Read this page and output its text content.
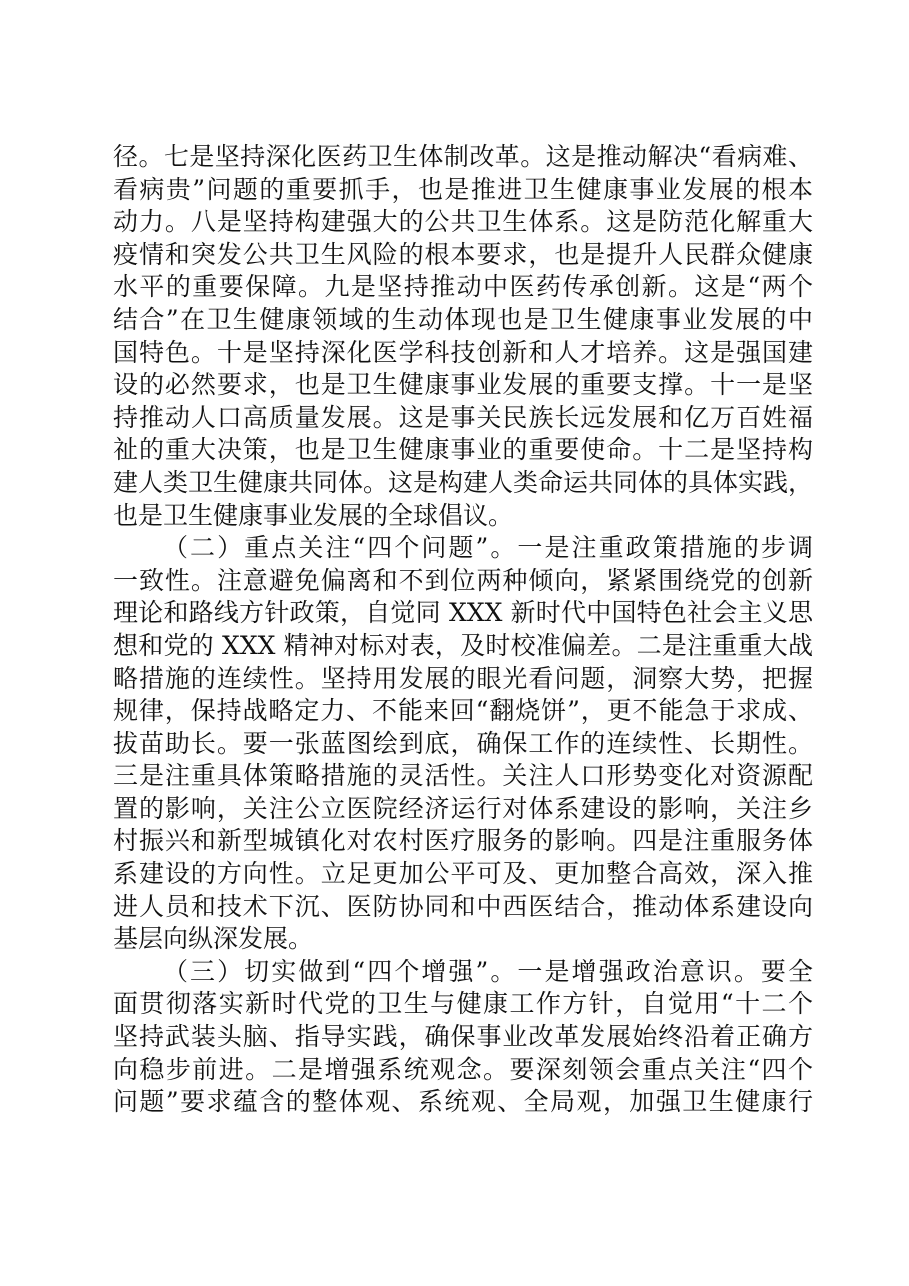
径。七是坚持深化医药卫生体制改革。这是推动解决“看病难、
看病贵”问题的重要抓手，也是推进卫生健康事业发展的根本
动力。八是坚持构建强大的公共卫生体系。这是防范化解重大
疫情和突发公共卫生风险的根本要求，也是提升人民群众健康
水平的重要保障。九是坚持推动中医药传承创新。这是“两个
结合”在卫生健康领域的生动体现也是卫生健康事业发展的中
国特色。十是坚持深化医学科技创新和人才培养。这是强国建
设的必然要求，也是卫生健康事业发展的重要支撑。十一是坚
持推动人口高质量发展。这是事关民族长远发展和亿万百姓福
祉的重大决策，也是卫生健康事业的重要使命。十二是坚持构
建人类卫生健康共同体。这是构建人类命运共同体的具体实践，
也是卫生健康事业发展的全球倡议。
（二）重点关注“四个问题”。一是注重政策措施的步调
一致性。注意避免偏离和不到位两种倾向，紧紧围绕党的创新
理论和路线方针政策，自觉同 XXX 新时代中国特色社会主义思
想和党的 XXX 精神对标对表，及时校准偏差。二是注重重大战
略措施的连续性。坚持用发展的眼光看问题，洞察大势，把握
规律，保持战略定力、不能来回“翻烧饼”，更不能急于求成、
拔苗助长。要一张蓝图绘到底，确保工作的连续性、长期性。
三是注重具体策略措施的灵活性。关注人口形势变化对资源配
置的影响，关注公立医院经济运行对体系建设的影响，关注乡
村振兴和新型城镇化对农村医疗服务的影响。四是注重服务体
系建设的方向性。立足更加公平可及、更加整合高效，深入推
进人员和技术下沉、医防协同和中西医结合，推动体系建设向
基层向纵深发展。
（三）切实做到“四个增强”。一是增强政治意识。要全
面贯彻落实新时代党的卫生与健康工作方针，自觉用“十二个
坚持武装头脑、指导实践，确保事业改革发展始终沿着正确方
向稳步前进。二是增强系统观念。要深刻领会重点关注“四个
问题”要求蕴含的整体观、系统观、全局观，加强卫生健康行
